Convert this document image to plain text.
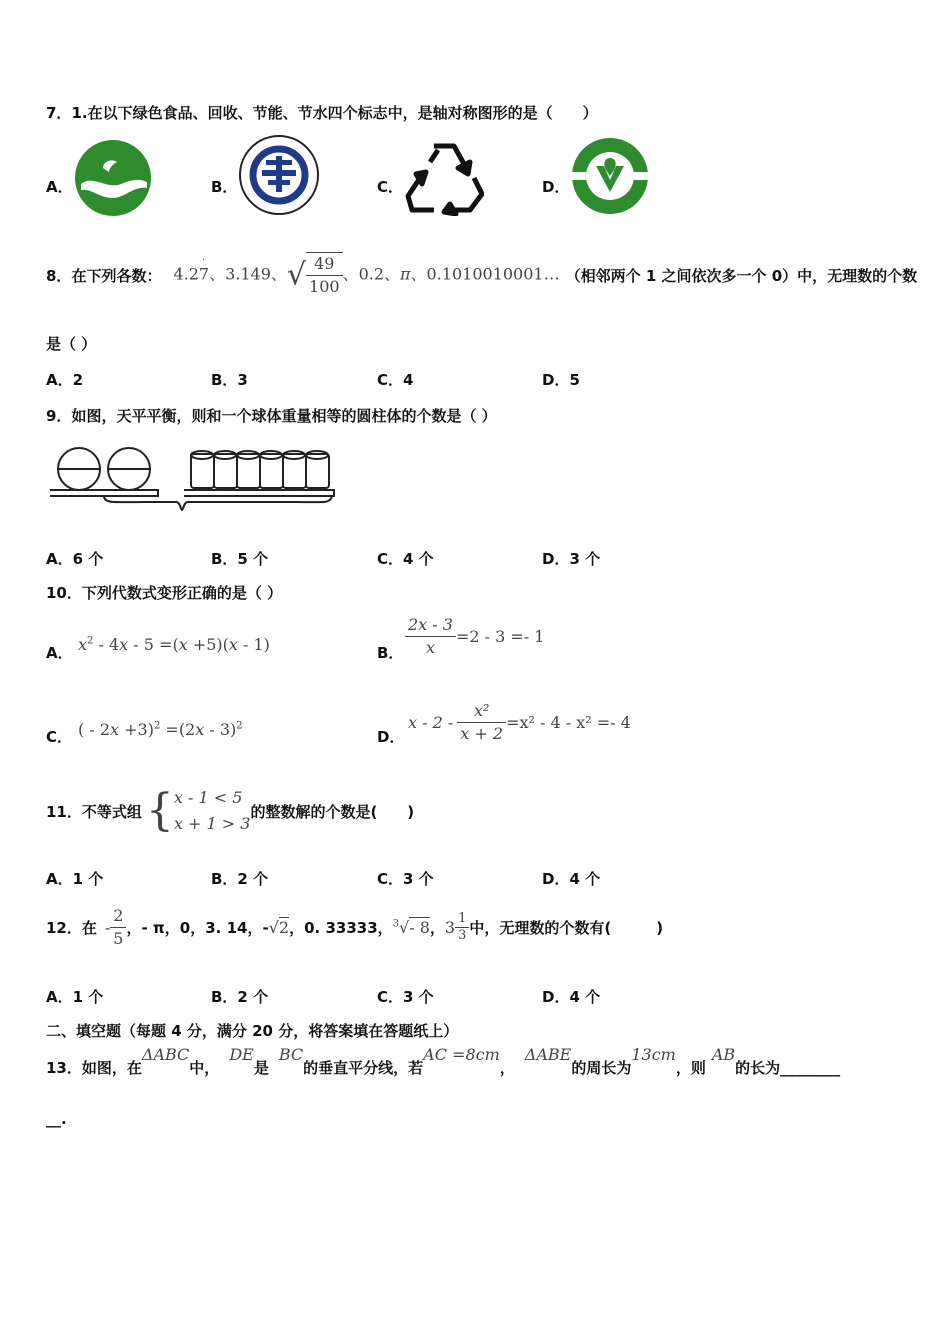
7．1.在以下绿色食品、回收、节能、节水四个标志中，是轴对称图形的是（　　）
A．	B．	C．	D．
8． 在下列各数： 4.27、3.149、√ $\frac{49}{100}$ 、0.2、π、0.1010010001… （相邻两个 1 之间依次多一个 0）中，无理数的个数
·
是（ ）
A．2	B．3	C．4	D．5
9．如图，天平平衡，则和一个球体重量相等的圆柱体的个数是（ ）
A．6 个	B．5 个	C．4 个	D．3 个
10．下列代数式变形正确的是（ ）
A． $x^2 - 4x - 5 =(x +5)(x - 1)$	B． $\frac{2x - 3}{x} =2 - 3 =- 1$
C． ( - 2x +3)$^2$ =(2x - 3)$^2$
D．
$x - 2 - \frac{\text{x²}}{x + 2} =x^2 - 4 - x^2 =- 4$
11． 不等式组 { x - 1 < 5
x + 1 > 3
的整数解的个数是(　　)
A．1 个	B．2 个	C．3 个	D．4 个
12． 在 - $\frac{2}{5}$ ，- π，0，3. 14，- √2 ，0. 33333， $^3$√- 8 ， $3 \frac{1}{3}$ 中，无理数的个数有(　　　)
A．1 个	B．2 个	C．3 个	D．4 个
二、填空题（每题 4 分，满分 20 分，将答案填在答题纸上）
13． 如图，在
ΔABC
中，
DE
是
BC
的垂直平分线，若
AC =8cm
，
ΔABE
的周长为
13cm
，则
AB
的长为________
__.
